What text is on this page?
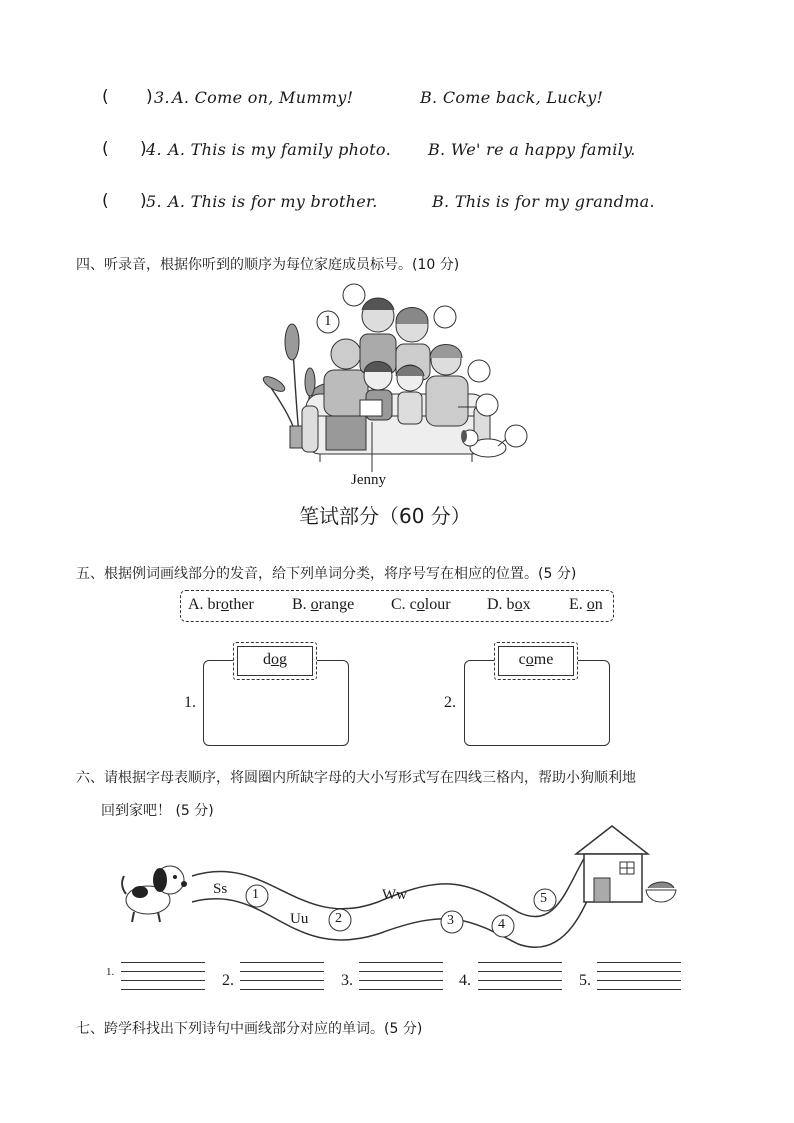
( ) 3. A. Come on, Mummy!	B. Come back, Lucky!
( ) 4. A. This is my family photo. B. We' re a happy family.
( ) 5. A. This is for my brother.	B. This is for my grandma.
四、听录音，根据你听到的顺序为每位家庭成员标号。(10 分)
1
Jenny
笔试部分（60 分）
五、根据例词画线部分的发音，给下列单词分类，将序号写在相应的位置。(5 分)
A. brother B. orange C. colour D. box E. on
1.
dog
2.
come
六、请根据字母表顺序，将圆圈内所缺字母的大小写形式写在四线三格内，帮助小狗顺利地
回到家吧！ (5 分)
Ss
Uu
Ww
1
2	3	4
5
1.	2.	3.	4.	5.
七、跨学科找出下列诗句中画线部分对应的单词。(5 分)
